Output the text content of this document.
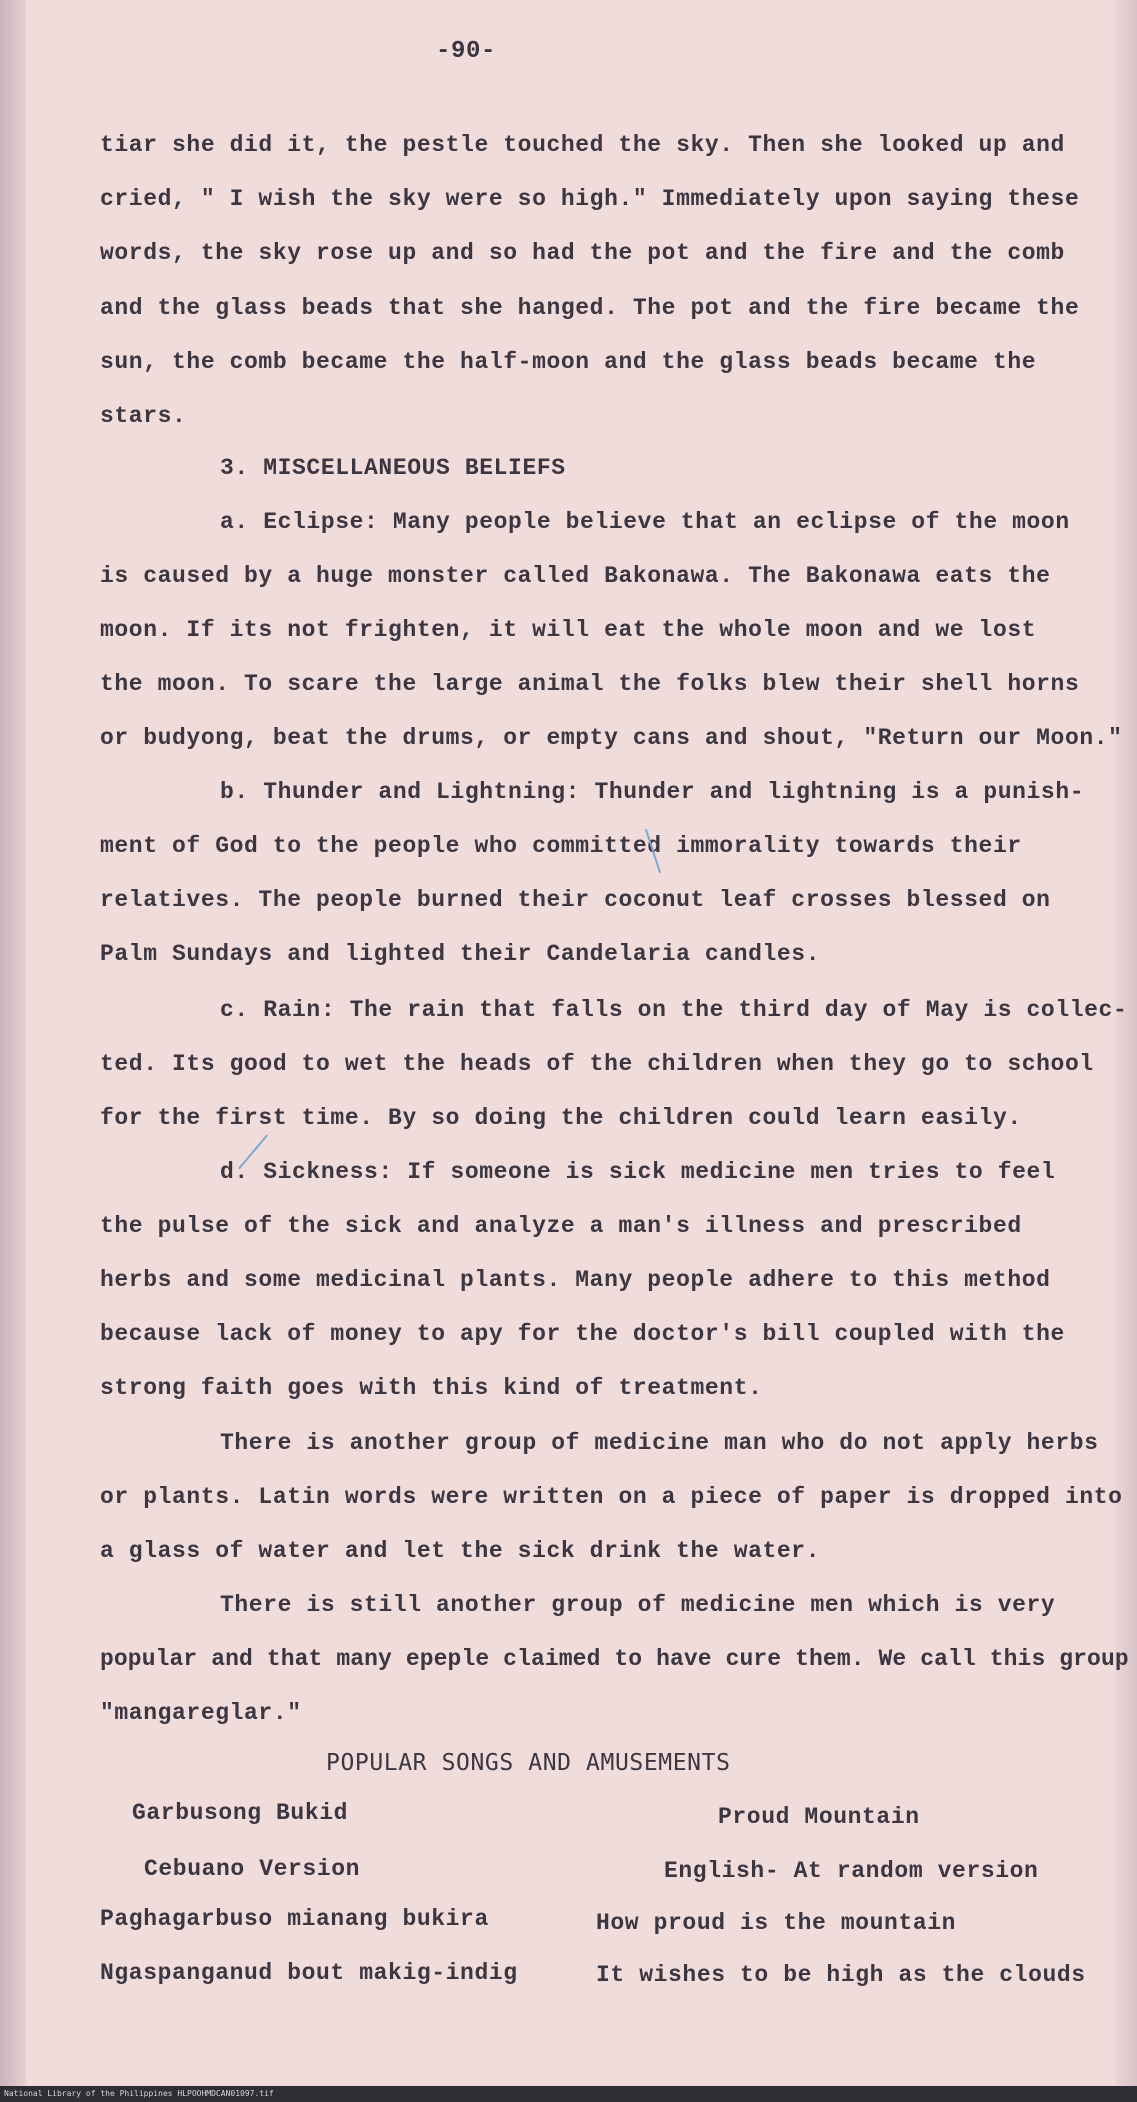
-90-
tiar she did it, the pestle touched the sky. Then she looked up and
cried, " I wish the sky were so high." Immediately upon saying these
words, the sky rose up and so had the pot and the fire and the comb
and the glass beads that she hanged. The pot and the fire became the
sun, the comb became the half-moon and the glass beads became the
stars.
3. MISCELLANEOUS BELIEFS
a. Eclipse: Many people believe that an eclipse of the moon
is caused by a huge monster called Bakonawa. The Bakonawa eats the
moon. If its not frighten, it will eat the whole moon and we lost
the moon. To scare the large animal the folks blew their shell horns
or budyong, beat the drums, or empty cans and shout, "Return our Moon."
b. Thunder and Lightning: Thunder and lightning is a punish-
ment of God to the people who committed immorality towards their
relatives. The people burned their coconut leaf crosses blessed on
Palm Sundays and lighted their Candelaria candles.
c. Rain: The rain that falls on the third day of May is collec-
ted. Its good to wet the heads of the children when they go to school
for the first time. By so doing the children could learn easily.
d. Sickness: If someone is sick medicine men tries to feel
the pulse of the sick and analyze a man's illness and prescribed
herbs and some medicinal plants. Many people adhere to this method
because lack of money to apy for the doctor's bill coupled with the
strong faith goes with this kind of treatment.
There is another group of medicine man who do not apply herbs
or plants. Latin words were written on a piece of paper is dropped into
a glass of water and let the sick drink the water.
There is still another group of medicine men which is very
popular and that many epeple claimed to have cure them. We call this group
"mangareglar."
POPULAR SONGS AND AMUSEMENTS
Garbusong Bukid	Proud Mountain
Cebuano Version	English- At random version
Paghagarbuso mianang bukira	How proud is the mountain
Ngaspanganud bout makig-indig	It wishes to be high as the clouds
National Library of the Philippines HLPOOHMDCAN01097.tif
